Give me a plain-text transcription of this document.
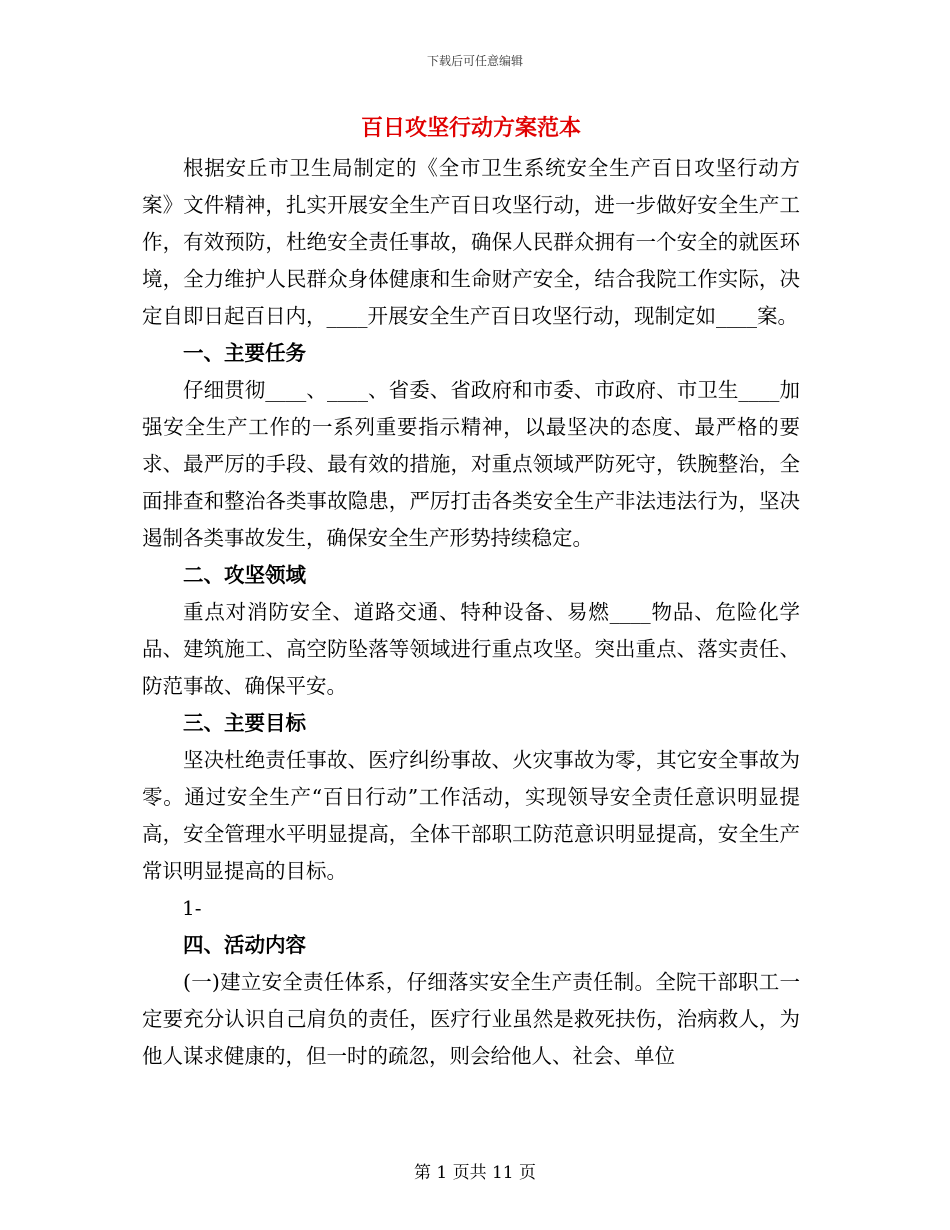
下载后可任意编辑
百日攻坚行动方案范本

根据安丘市卫生局制定的《全市卫生系统安全生产百日攻坚行动方案》文件精神，扎实开展安全生产百日攻坚行动，进一步做好安全生产工作，有效预防，杜绝安全责任事故，确保人民群众拥有一个安全的就医环境，全力维护人民群众身体健康和生命财产安全，结合我院工作实际，决定自即日起百日内，____开展安全生产百日攻坚行动，现制定如____案。

一、主要任务

仔细贯彻____、____、省委、省政府和市委、市政府、市卫生____加强安全生产工作的一系列重要指示精神，以最坚决的态度、最严格的要求、最严厉的手段、最有效的措施，对重点领域严防死守，铁腕整治，全面排查和整治各类事故隐患，严厉打击各类安全生产非法违法行为，坚决遏制各类事故发生，确保安全生产形势持续稳定。

二、攻坚领域

重点对消防安全、道路交通、特种设备、易燃____物品、危险化学品、建筑施工、高空防坠落等领域进行重点攻坚。突出重点、落实责任、防范事故、确保平安。

三、主要目标

坚决杜绝责任事故、医疗纠纷事故、火灾事故为零，其它安全事故为零。通过安全生产“百日行动”工作活动，实现领导安全责任意识明显提高，安全管理水平明显提高，全体干部职工防范意识明显提高，安全生产常识明显提高的目标。

1-
四、活动内容

(一)建立安全责任体系，仔细落实安全生产责任制。全院干部职工一定要充分认识自己肩负的责任，医疗行业虽然是救死扶伤，治病救人，为他人谋求健康的，但一时的疏忽，则会给他人、社会、单位

第 1 页共 11 页
